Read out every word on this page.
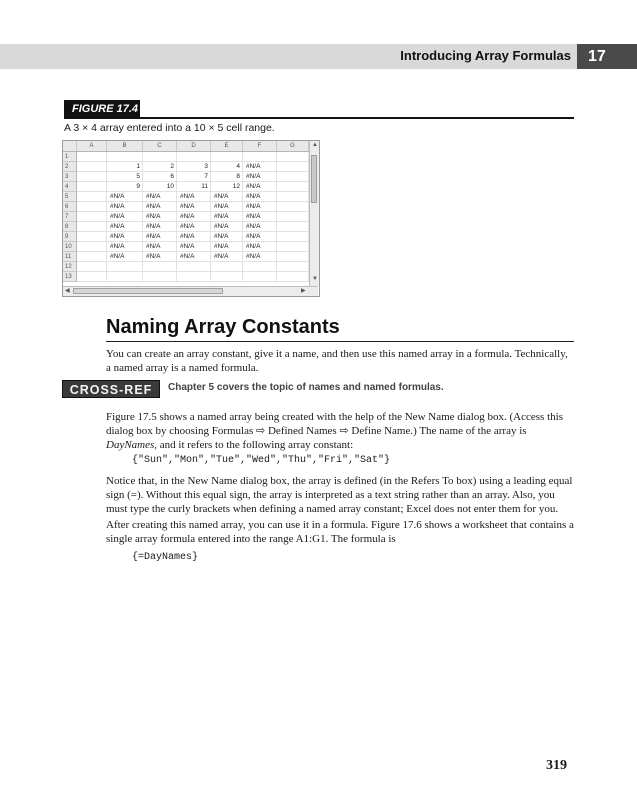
Introducing Array Formulas	17
FIGURE 17.4
A 3 × 4 array entered into a 10 × 5 cell range.
A	B	C	D	E	F	G
1
2	1	2	3	4 #N/A
3	5	6	7	8 #N/A
4	9	10	11	12 #N/A
5	#N/A	#N/A	#N/A	#N/A	#N/A
6	#N/A	#N/A	#N/A	#N/A	#N/A
7	#N/A	#N/A	#N/A	#N/A	#N/A
8	#N/A	#N/A	#N/A	#N/A	#N/A
9	#N/A	#N/A	#N/A	#N/A	#N/A
10	#N/A	#N/A	#N/A	#N/A	#N/A
11	#N/A	#N/A	#N/A	#N/A	#N/A
12
13
▲
▼
◀	▶
Naming Array Constants
You can create an array constant, give it a name, and then use this named array in a formula. Technically, a named array is a named formula.
CROSS-REF	Chapter 5 covers the topic of names and named formulas.
Figure 17.5 shows a named array being created with the help of the New Name dialog box. (Access this dialog box by choosing Formulas ⇨ Defined Names ⇨ Define Name.) The name of the array is DayNames, and it refers to the following array constant:
{"Sun","Mon","Tue","Wed","Thu","Fri","Sat"}
Notice that, in the New Name dialog box, the array is defined (in the Refers To box) using a leading equal sign (=). Without this equal sign, the array is interpreted as a text string rather than an array. Also, you must type the curly brackets when defining a named array constant; Excel does not enter them for you.
After creating this named array, you can use it in a formula. Figure 17.6 shows a worksheet that contains a single array formula entered into the range A1:G1. The formula is
{=DayNames}
319
